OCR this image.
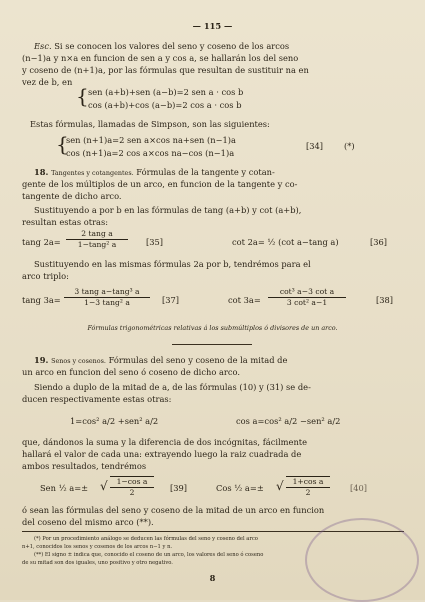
— 115 —
Esc. Si se conocen los valores del seno y coseno de los arcos
(n−1)a y n×a en funcion de sen a y cos a, se hallarán los del seno
y coseno de (n+1)a, por las fórmulas que resultan de sustituir na en
vez de b, en
{ sen (a+b)+sen (a−b)=2 sen a · cos b
cos (a+b)+cos (a−b)=2 cos a · cos b
Estas fórmulas, llamadas de Simpson, son las siguientes:
{
sen (n+1)a=2 sen a×cos na+sen (n−1)a
cos (n+1)a=2 cos a×cos na−cos (n−1)a
[34]	(*)
18. Tangentes y cotangentes. Fórmulas de la tangente y cotan-
gente de los múltiplos de un arco, en funcion de la tangente y co-
tangente de dicho arco.
Sustituyendo a por b en las fórmulas de tang (a+b) y cot (a+b),
resultan estas otras:
tang 2a=
2 tang a
1−tang² a	[35]	cot 2a= ½ (cot a−tang a)	[36]
Sustituyendo en las mismas fórmulas 2a por b, tendrémos para el
arco triplo:
tang 3a=
3 tang a−tang³ a
1−3 tang² a	[37]	cot 3a=
cot³ a−3 cot a
3 cot² a−1	[38]
Fórmulas trigonométricas relativas á los submúltiplos ó divisores de un arco.
19. Senos y cosenos. Fórmulas del seno y coseno de la mitad de
un arco en funcion del seno ó coseno de dicho arco.
Siendo a duplo de la mitad de a, de las fórmulas (10) y (31) se de-
ducen respectivamente estas otras:
1=cos² a/2 +sen² a/2	cos a=cos² a/2 −sen² a/2
que, dándonos la suma y la diferencia de dos incógnitas, fácilmente
hallará el valor de cada una: extrayendo luego la raiz cuadrada de
ambos resultados, tendrémos
Sen ½ a=± √	1−cos a
2	[39]	Cos ½ a=± √	1+cos a
2	[40]
ó sean las fórmulas del seno y coseno de la mitad de un arco en funcion
del coseno del mismo arco (**).
(*) Por un procedimiento análogo se deducen las fórmulas del seno y coseno del arco
n+1, conocidos los senos y cosenos de los arcos n−1 y n.
(**) El signo ± indica que, conocido el coseno de un arco, los valores del seno ó coseno
de su mitad son dos iguales, uno positivo y otro negativo.
8
